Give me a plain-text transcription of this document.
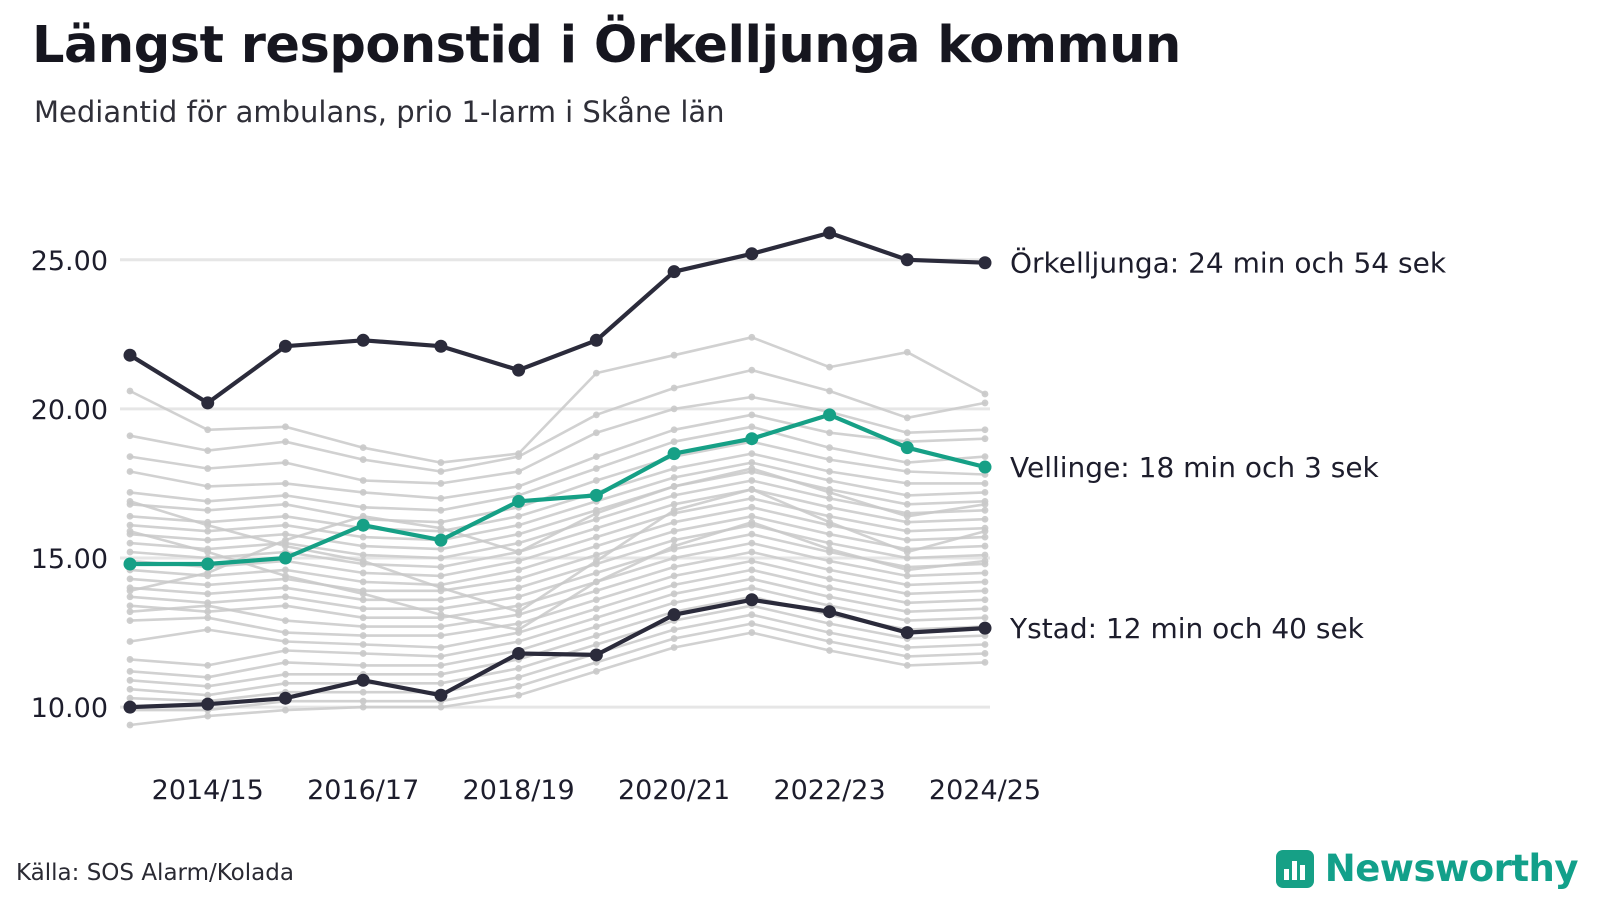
Längst responstid i Örkelljunga kommun
Mediantid för ambulans, prio 1-larm i Skåne län
10.00
15.00
20.00
25.00
2014/15 2016/17 2018/19 2020/21 2022/23 2024/25
Örkelljunga: 24 min och 54 sek
Vellinge: 18 min och 3 sek
Ystad: 12 min och 40 sek
Källa: SOS Alarm/Kolada	Newsworthy
